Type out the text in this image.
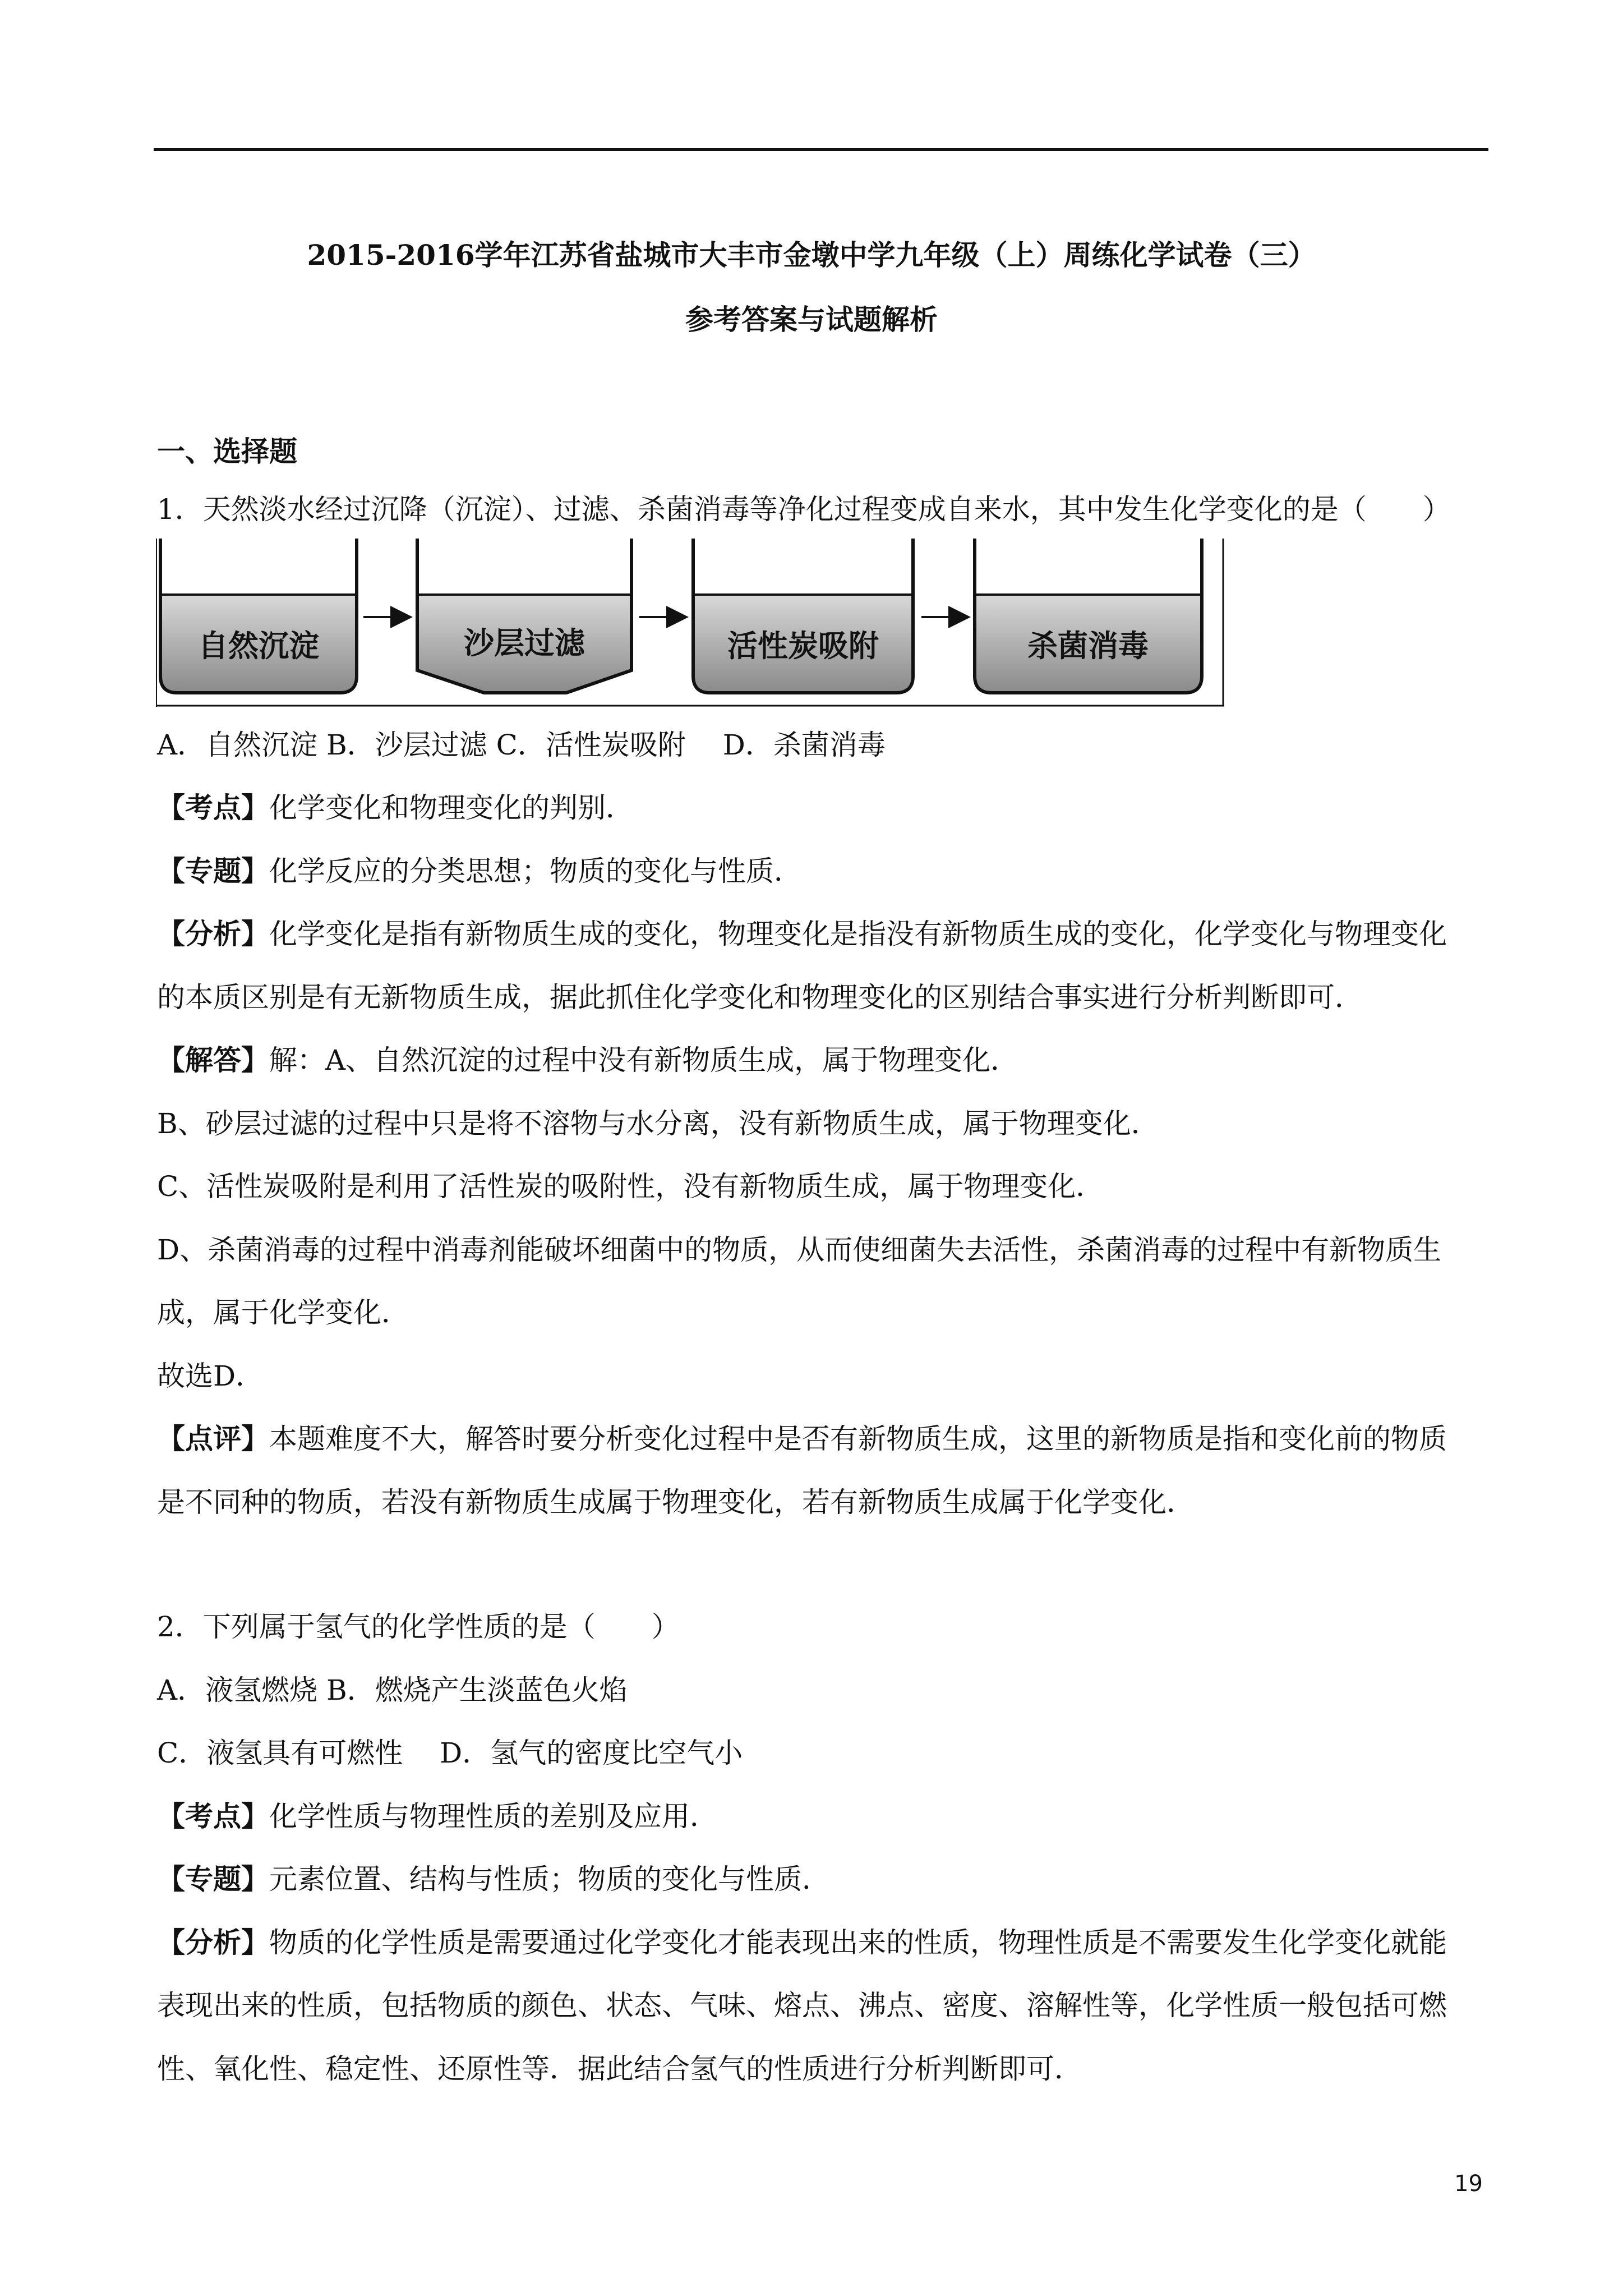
2015-2016学年江苏省盐城市大丰市金墩中学九年级（上）周练化学试卷（三）
参考答案与试题解析
一、选择题
1．天然淡水经过沉降（沉淀）、过滤、杀菌消毒等净化过程变成自来水，其中发生化学变化的是（　　）
自然沉淀	沙层过滤	活性炭吸附	杀菌消毒
A．自然沉淀 B．沙层过滤 C．活性炭吸附　 D．杀菌消毒
【考点】化学变化和物理变化的判别．
【专题】化学反应的分类思想；物质的变化与性质．
【分析】化学变化是指有新物质生成的变化，物理变化是指没有新物质生成的变化，化学变化与物理变化
的本质区别是有无新物质生成，据此抓住化学变化和物理变化的区别结合事实进行分析判断即可．
【解答】解：A、自然沉淀的过程中没有新物质生成，属于物理变化．
B、砂层过滤的过程中只是将不溶物与水分离，没有新物质生成，属于物理变化．
C、活性炭吸附是利用了活性炭的吸附性，没有新物质生成，属于物理变化．
D、杀菌消毒的过程中消毒剂能破坏细菌中的物质，从而使细菌失去活性，杀菌消毒的过程中有新物质生
成，属于化学变化．
故选D．
【点评】本题难度不大，解答时要分析变化过程中是否有新物质生成，这里的新物质是指和变化前的物质
是不同种的物质，若没有新物质生成属于物理变化，若有新物质生成属于化学变化．
2．下列属于氢气的化学性质的是（　　）
A．液氢燃烧 B．燃烧产生淡蓝色火焰
C．液氢具有可燃性　 D．氢气的密度比空气小
【考点】化学性质与物理性质的差别及应用．
【专题】元素位置、结构与性质；物质的变化与性质．
【分析】物质的化学性质是需要通过化学变化才能表现出来的性质，物理性质是不需要发生化学变化就能
表现出来的性质，包括物质的颜色、状态、气味、熔点、沸点、密度、溶解性等，化学性质一般包括可燃
性、氧化性、稳定性、还原性等．据此结合氢气的性质进行分析判断即可．
19
